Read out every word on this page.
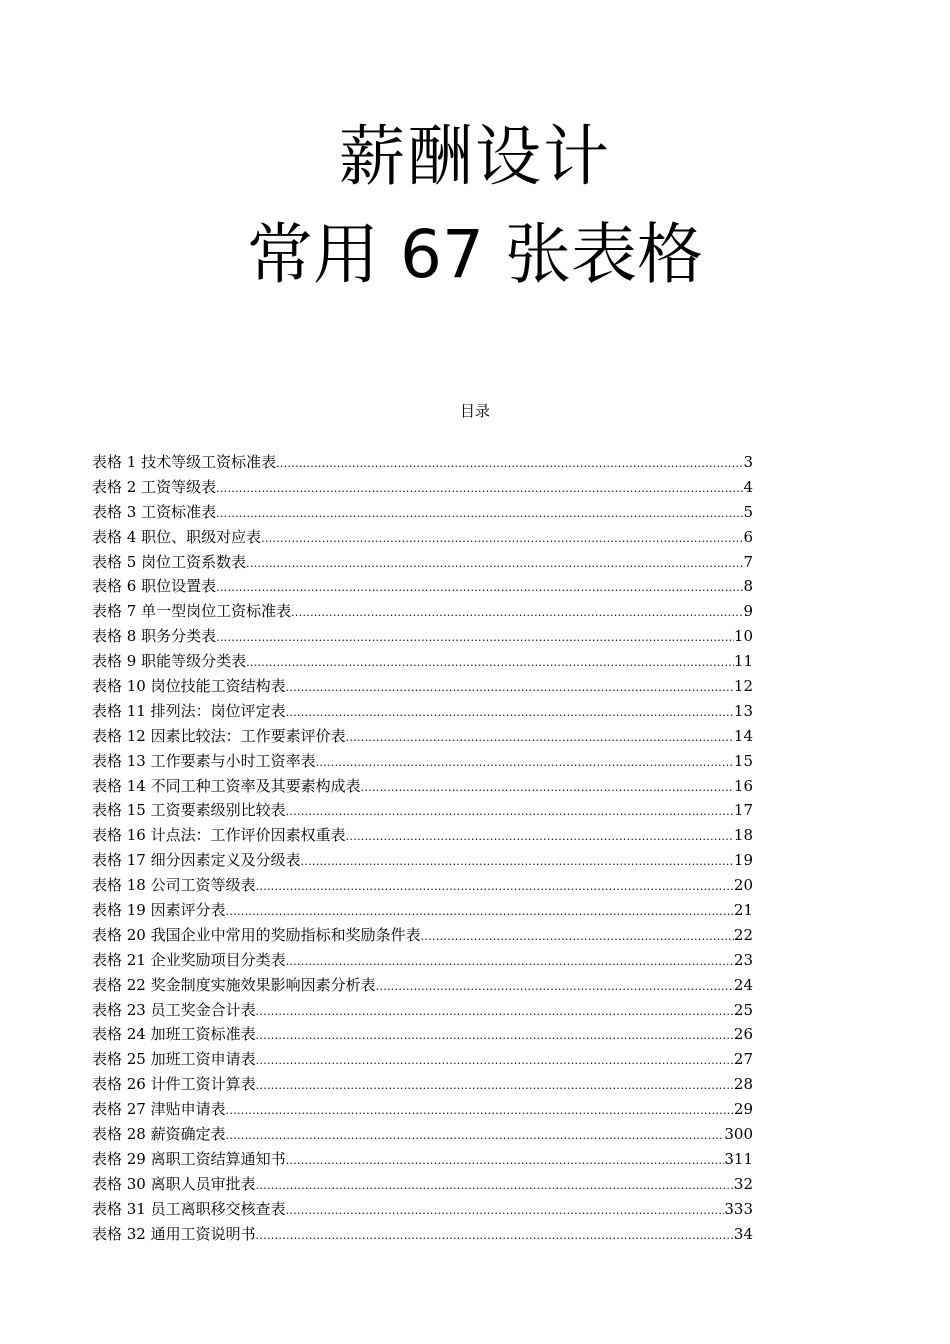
薪酬设计
常用 67 张表格
目录
表格 1 技术等级工资标准表 .....	3
表格 2 工资等级表 .....	4
表格 3 工资标准表 .....	5
表格 4 职位、职级对应表 .....	6
表格 5 岗位工资系数表 .....	7
表格 6 职位设置表 .....	8
表格 7 单一型岗位工资标准表 .....	9
表格 8 职务分类表 .....	10
表格 9 职能等级分类表 .....	11
表格 10 岗位技能工资结构表 .....	12
表格 11 排列法：岗位评定表 .....	13
表格 12 因素比较法：工作要素评价表 .....	14
表格 13 工作要素与小时工资率表 .....	15
表格 14 不同工种工资率及其要素构成表 .....	16
表格 15 工资要素级别比较表 .....	17
表格 16 计点法：工作评价因素权重表 .....	18
表格 17 细分因素定义及分级表 .....	19
表格 18 公司工资等级表 .....	20
表格 19 因素评分表 .....	21
表格 20 我国企业中常用的奖励指标和奖励条件表 .....	22
表格 21 企业奖励项目分类表 .....	23
表格 22 奖金制度实施效果影响因素分析表 .....	24
表格 23 员工奖金合计表 .....	25
表格 24 加班工资标准表 .....	26
表格 25 加班工资申请表 .....	27
表格 26 计件工资计算表 .....	28
表格 27 津贴申请表 .....	29
表格 28 薪资确定表 .....	300
表格 29 离职工资结算通知书 .....	311
表格 30 离职人员审批表 .....	32
表格 31 员工离职移交核查表 .....	333
表格 32 通用工资说明书 .....	34
